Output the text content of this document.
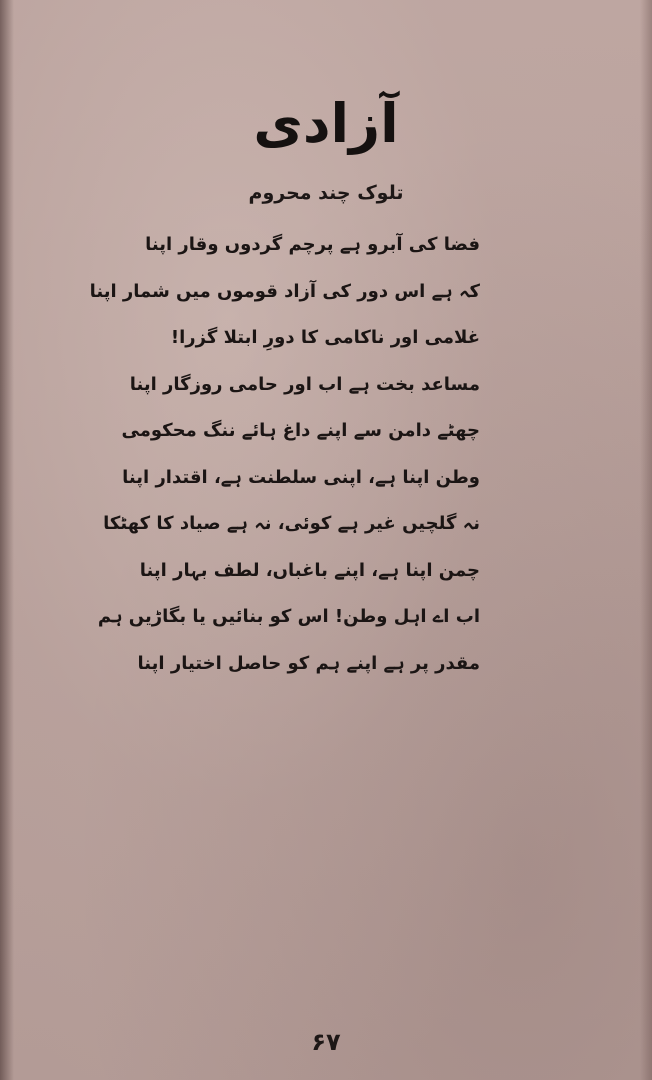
آزادی
تلوک چند محروم
فضا کی آبرو ہے پرچم گردوں وقار اپنا
کہ ہے اس دور کی آزاد قوموں میں شمار اپنا
غلامی اور ناکامی کا دورِ ابتلا گزرا!
مساعد بخت ہے اب اور حامی روزگار اپنا
چھٹے دامن سے اپنے داغ ہائے ننگ محکومی
وطن اپنا ہے، اپنی سلطنت ہے، اقتدار اپنا
نہ گلچیں غیر ہے کوئی، نہ ہے صیاد کا کھٹکا
چمن اپنا ہے، اپنے باغباں، لطف بہار اپنا
اب اے اہل وطن! اس کو بنائیں یا بگاڑیں ہم
مقدر پر ہے اپنے ہم کو حاصل اختیار اپنا
۶۷
